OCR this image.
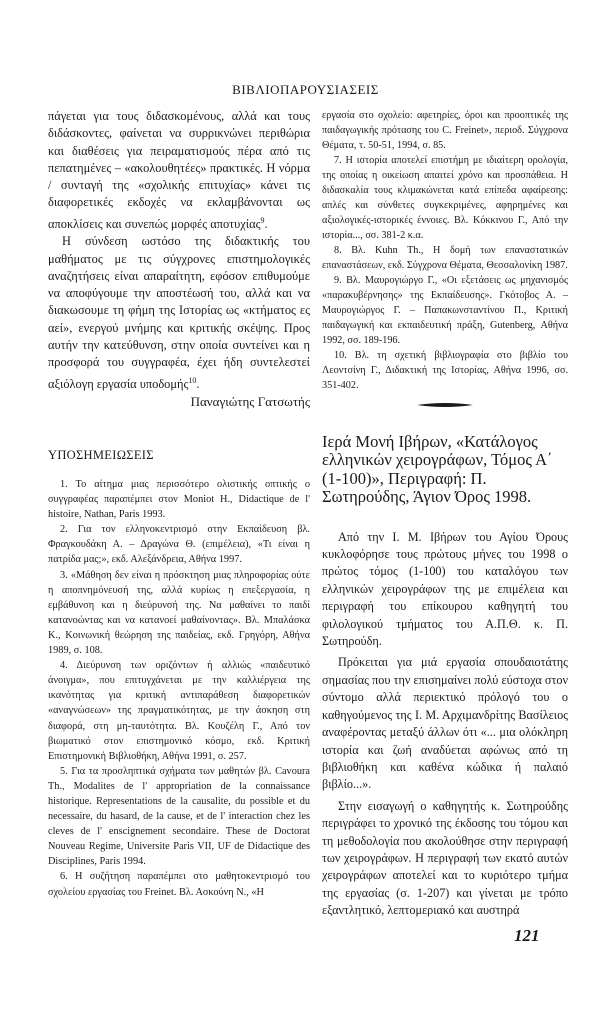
ΒΙΒΛΙΟΠΑΡΟΥΣΙΑΣΕΙΣ

πάγεται για τους διδασκομένους, αλλά και τους διδάσκοντες, φαίνεται να συρρικνώνει περιθώρια και διαθέσεις για πειραματισμούς πέρα από τις πεπατημένες – «ακολουθητέες» πρακτικές. Η νόρμα / συνταγή της «σχολικής επιτυχίας» κάνει τις διαφορετικές εκδοχές να εκλαμβάνονται ως αποκλίσεις και συνεπώς μορφές αποτυχίας$^9$.

Η σύνδεση ωστόσο της διδακτικής του μαθήματος με τις σύγχρονες επιστημολογικές αναζητήσεις είναι απαραίτητη, εφόσον επιθυμούμε να αποφύγουμε την αποστέωσή του, αλλά και να διακωσουμε τη φήμη της Ιστορίας ως «κτήματος ες αεί», ενεργού μνήμης και κριτικής σκέψης. Προς αυτήν την κατεύθυνση, στην οποία συντείνει και η προσφορά του συγγραφέα, έχει ήδη συντελεστεί αξιόλογη εργασία υποδομής$^{10}$.

Παναγιώτης Γατσωτής
ΥΠΟΣΗΜΕΙΩΣΕΙΣ

1. Το αίτημα μιας περισσότερο ολιστικής οπτικής ο συγγραφέας παραπέμπει στον Moniot H., Didactique de l' histoire, Nathan, Paris 1993.

2. Για τον ελληνοκεντρισμό στην Εκπαίδευση βλ. Φραγκουδάκη Α. – Δραγώνα Θ. (επιμέλεια), «Τι είναι η πατρίδα μας;», εκδ. Αλεξάνδρεια, Αθήνα 1997.

3. «Μάθηση δεν είναι η πρόσκτηση μιας πληροφορίας ούτε η αποπνημόνευσή της, αλλά κυρίως η επεξεργασία, η εμβάθυνση και η διεύρυνσή της. Να μαθαίνει το παιδί κατανοώντας και να κατανοεί μαθαίνοντας». Βλ. Μπαλάσκα Κ., Κοινωνική θεώρηση της παιδείας, εκδ. Γρηγόρη, Αθήνα 1989, σ. 108.

4. Διεύρυνση των οριζόντων ή αλλιώς «παιδευτικό άνοιγμα», που επιτυγχάνεται με την καλλιέργεια της ικανότητας για κριτική αντιπαράθεση διαφορετικών «αναγνώσεων» της πραγματικότητας, με την άσκηση στη διαφορά, στη μη-ταυτότητα. Βλ. Κουζέλη Γ., Από τον βιωματικό στον επιστημονικό κόσμο, εκδ. Κριτική Επιστημονική Βιβλιοθήκη, Αθήνα 1991, σ. 257.

5. Για τα προσληπτικά σχήματα των μαθητών βλ. Cavoura Th., Modalites de l' appropriation de la connaissance historique. Representations de la causalite, du possible et du necessaire, du hasard, de la cause, et de l' interaction chez les cleves de l' enscignement secondaire. These de Doctorat Nouveau Regime, Universite Paris VII, UF de Didactique des Disciplines, Paris 1994.

6. Η συζήτηση παραπέμπει στο μαθητοκεντρισμό του σχολείου εργασίας του Freinet. Βλ. Ασκούνη Ν., «Η

εργασία στο σχολείο: αφετηρίες, όροι και προοπτικές της παιδαγωγικής πρότασης του C. Freinet», περιοδ. Σύγχρονα Θέματα, τ. 50-51, 1994, σ. 85.

7. Η ιστορία αποτελεί επιστήμη με ιδιαίτερη ορολογία, της οποίας η οικείωση απαιτεί χρόνο και προσπάθεια. Η διδασκαλία τους κλιμακώνεται κατά επίπεδα αφαίρεσης: απλές και σύνθετες συγκεκριμένες, αφηρημένες και αξιολογικές-ιστορικές έννοιες. Βλ. Κόκκινου Γ., Από την ιστορία..., σσ. 381-2 κ.α.

8. Βλ. Kuhn Th., Η δομή των επαναστατικών επαναστάσεων, εκδ. Σύγχρονα Θέματα, Θεσσαλονίκη 1987.

9. Βλ. Μαυρογιώργο Γ., «Οι εξετάσεις ως μηχανισμός «παρακυβέρνησης» της Εκπαίδευσης». Γκότοβος Α. – Μαυρογιώργος Γ. – Παπακωνσταντίνου Π., Κριτική παιδαγωγική και εκπαιδευτική πράξη, Gutenberg, Αθήνα 1992, σσ. 189-196.

10. Βλ. τη σχετική βιβλιογραφία στο βιβλίο του Λεοντσίνη Γ., Διδακτική της Ιστορίας, Αθήνα 1996, σσ. 351-402.

Ιερά Μονή Ιβήρων, «Κατάλογος ελληνικών χειρογράφων, Τόμος Α΄ (1-100)», Περιγραφή: Π. Σωτηρούδης, Άγιον Όρος 1998.

Από την Ι. Μ. Ιβήρων του Αγίου Όρους κυκλοφόρησε τους πρώτους μήνες του 1998 ο πρώτος τόμος (1-100) του καταλόγου των ελληνικών χειρογράφων της με επιμέλεια και περιγραφή του επίκουρου καθηγητή του φιλολογικού τμήματος του Α.Π.Θ. κ. Π. Σωτηρούδη.

Πρόκειται για μιά εργασία σπουδαιοτάτης σημασίας που την επισημαίνει πολύ εύστοχα στον σύντομο αλλά περιεκτικό πρόλογό του ο καθηγούμενος της Ι. Μ. Αρχιμανδρίτης Βασίλειος αναφέροντας μεταξύ άλλων ότι «... μια ολόκληρη ιστορία και ζωή αναδύεται αφώνως από τη βιβλιοθήκη και καθένα κώδικα ή παλαιό βιβλίο...».

Στην εισαγωγή ο καθηγητής κ. Σωτηρούδης περιγράφει το χρονικό της έκδοσης του τόμου και τη μεθοδολογία που ακολούθησε στην περιγραφή των χειρογράφων. Η περιγραφή των εκατό αυτών χειρογράφων αποτελεί και το κυριότερο τμήμα της εργασίας (σ. 1-207) και γίνεται με τρόπο εξαντλητικό, λεπτομεριακό και αυστηρά

121
